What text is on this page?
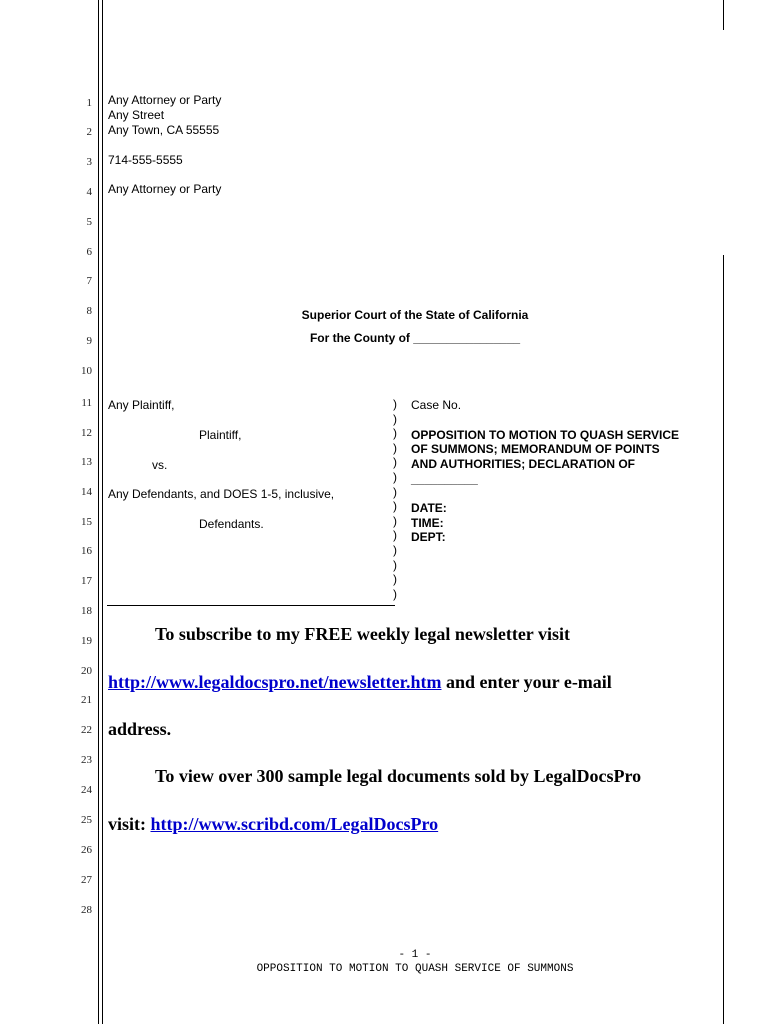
1
2
3
4
5
6
7
8
9
10
11
12
13
14
15
16
17
18
19
20
21
22
23
24
25
26
27
28
Any Attorney or Party
Any Street
Any Town, CA 55555
714-555-5555
Any Attorney or Party
Superior Court of the State of California
For the County of ________________
Any Plaintiff,
Plaintiff,
vs.
Any Defendants, and DOES 1-5, inclusive,
Defendants.
)
)
)
)
)
)
)
)
)
)
)
)
)
)
Case No.
OPPOSITION TO MOTION TO QUASH SERVICE
OF SUMMONS; MEMORANDUM OF POINTS
AND AUTHORITIES; DECLARATION OF
__________
DATE:
TIME:
DEPT:
To subscribe to my FREE weekly legal newsletter visit
http://www.legaldocspro.net/newsletter.htm and enter your e-mail
address.
To view over 300 sample legal documents sold by LegalDocsPro
visit: http://www.scribd.com/LegalDocsPro
- 1 -
OPPOSITION TO MOTION TO QUASH SERVICE OF SUMMONS
